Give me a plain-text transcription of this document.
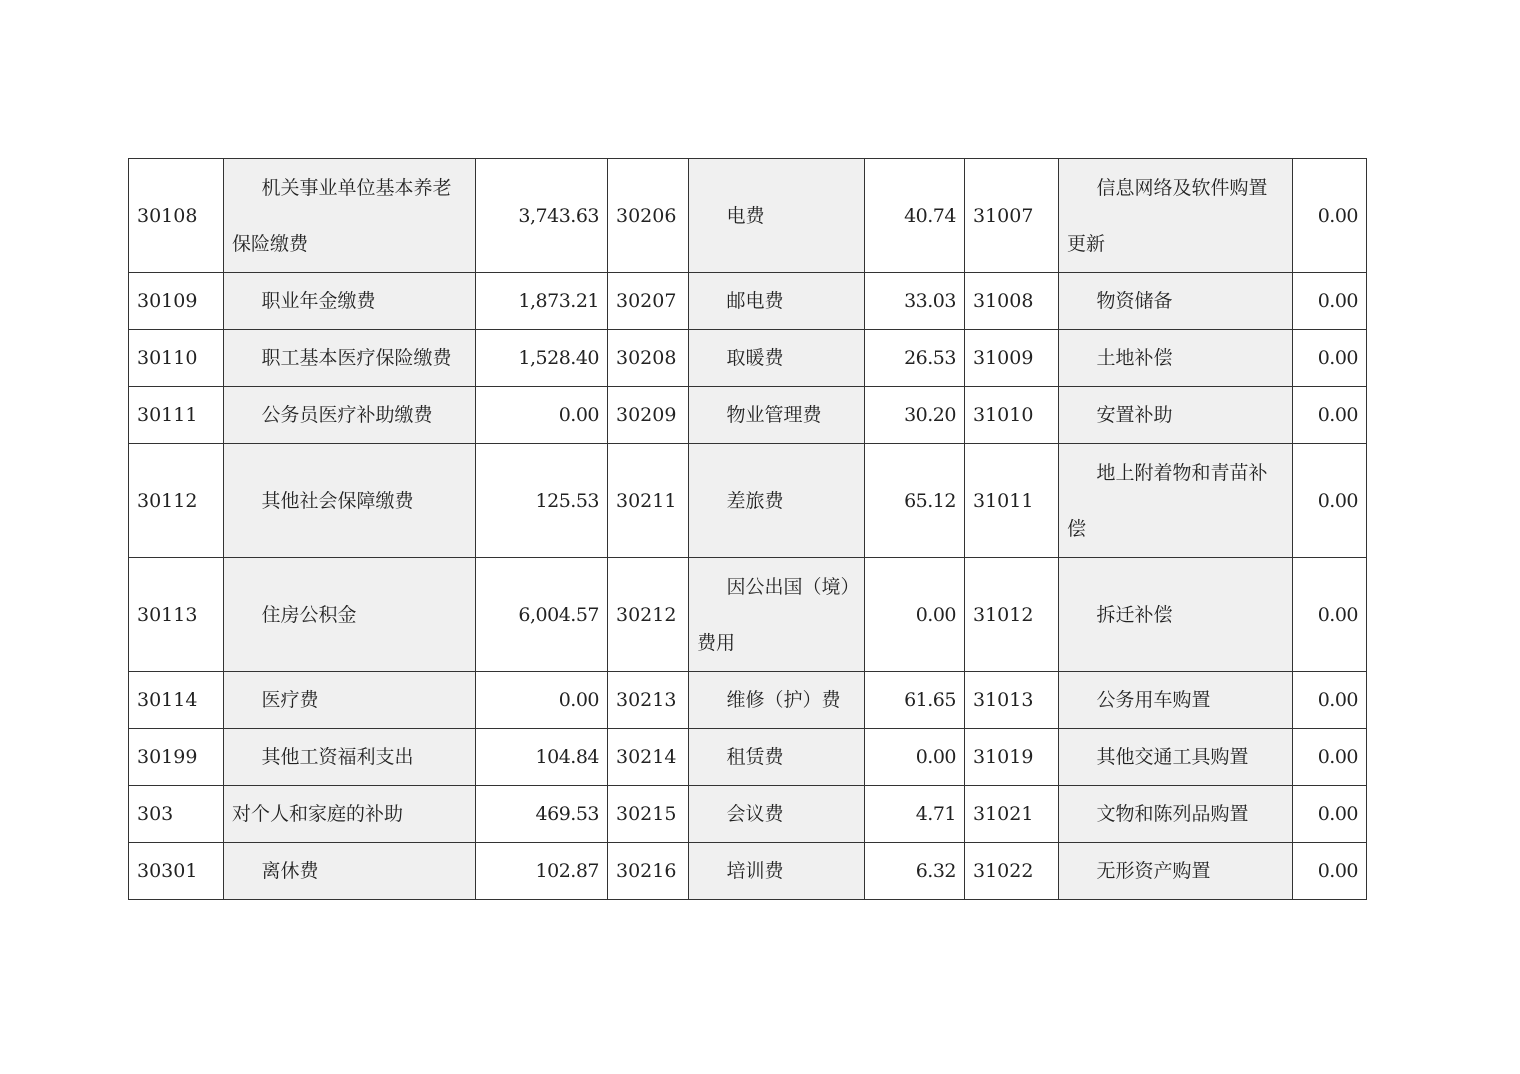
30108	机关事业单位基本养老保险缴费	3,743.63	30206	电费	40.74	31007	信息网络及软件购置更新	0.00
30109	职业年金缴费	1,873.21	30207	邮电费	33.03	31008	物资储备	0.00
30110	职工基本医疗保险缴费	1,528.40	30208	取暖费	26.53	31009	土地补偿	0.00
30111	公务员医疗补助缴费	0.00	30209	物业管理费	30.20	31010	安置补助	0.00
30112	其他社会保障缴费	125.53	30211	差旅费	65.12	31011	地上附着物和青苗补偿	0.00
30113	住房公积金	6,004.57	30212	因公出国（境）费用	0.00	31012	拆迁补偿	0.00
30114	医疗费	0.00	30213	维修（护）费	61.65	31013	公务用车购置	0.00
30199	其他工资福利支出	104.84	30214	租赁费	0.00	31019	其他交通工具购置	0.00
303	对个人和家庭的补助	469.53	30215	会议费	4.71	31021	文物和陈列品购置	0.00
30301	离休费	102.87	30216	培训费	6.32	31022	无形资产购置	0.00
